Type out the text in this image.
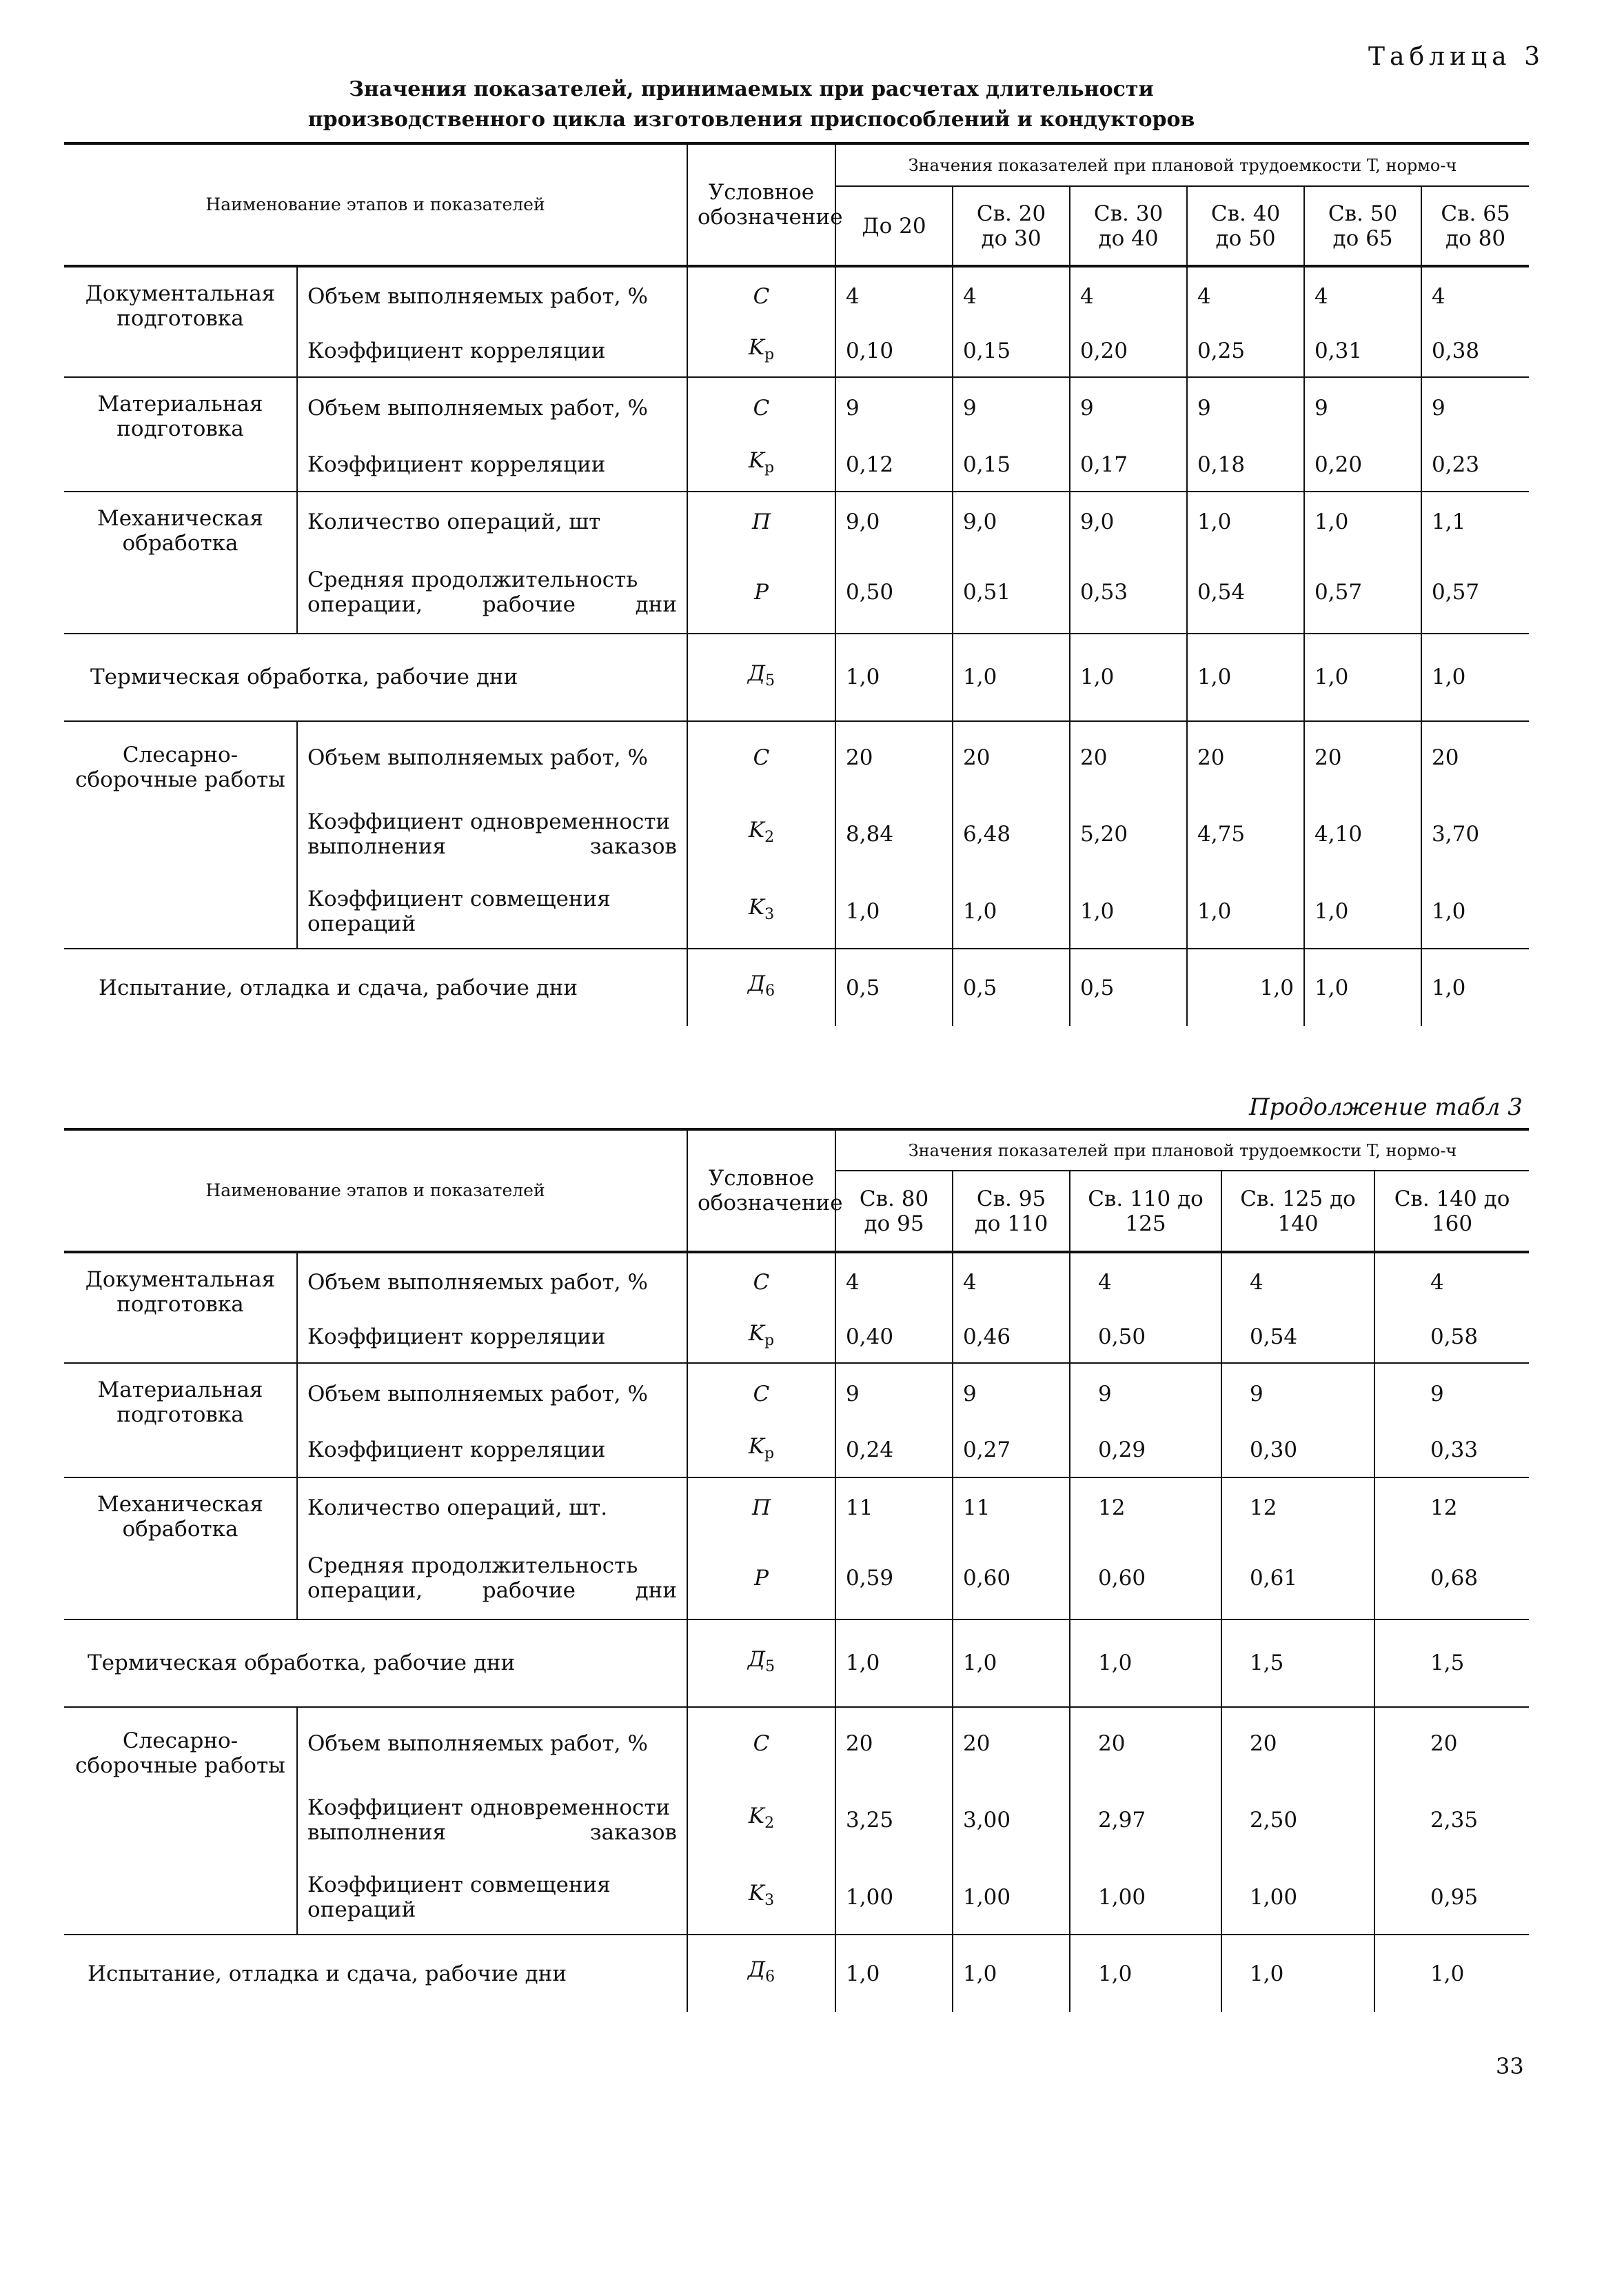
Таблица 3
Значения показателей, принимаемых при расчетах длительности
производственного цикла изготовления приспособлений и кондукторов
Наименование этапов и показателей		Условное обозначение	Значения показателей при плановой трудоемкости T, нормо-ч					
			До 20	Св. 20 до 30	Св. 30 до 40	Св. 40 до 50	Св. 50 до 65	Св. 65 до 80
Документальная подготовка	Объем выполняемых работ, %	C	4	4	4	4	4	4
	Коэффициент корреляции	$K_p$	0,10	0,15	0,20	0,25	0,31	0,38
Материальная подготовка	Объем выполняемых работ, %	C	9	9	9	9	9	9
	Коэффициент корреляции	$K_p$	0,12	0,15	0,17	0,18	0,20	0,23
Механическая обработка	Количество операций, шт	П	9,0	9,0	9,0	1,0	1,0	1,1
	Средняя продолжительность операции, рабочие дни	P	0,50	0,51	0,53	0,54	0,57	0,57
Термическая обработка, рабочие дни		$Д_5$	1,0	1,0	1,0	1,0	1,0	1,0
Слесарно-сборочные работы	Объем выполняемых работ, %	C	20	20	20	20	20	20
	Коэффициент одновременности выполнения заказов	$K_2$	8,84	6,48	5,20	4,75	4,10	3,70
	Коэффициент совмещения операций	$K_3$	1,0	1,0	1,0	1,0	1,0	1,0
Испытание, отладка и сдача, рабочие дни		$Д_6$	0,5	0,5	0,5	1,0	1,0	1,0
Продолжение табл 3
Наименование этапов и показателей		Условное обозначение	Значения показателей при плановой трудоемкости T, нормо-ч				
			Св. 80 до 95	Св. 95 до 110	Св. 110 до 125	Св. 125 до 140	Св. 140 до 160
Документальная подготовка	Объем выполняемых работ, %	C	4	4	4	4	4
	Коэффициент корреляции	$K_p$	0,40	0,46	0,50	0,54	0,58
Материальная подготовка	Объем выполняемых работ, %	C	9	9	9	9	9
	Коэффициент корреляции	$K_p$	0,24	0,27	0,29	0,30	0,33
Механическая обработка	Количество операций, шт.	П	11	11	12	12	12
	Средняя продолжительность операции, рабочие дни	P	0,59	0,60	0,60	0,61	0,68
Термическая обработка, рабочие дни		$Д_5$	1,0	1,0	1,0	1,5	1,5
Слесарно-сборочные работы	Объем выполняемых работ, %	C	20	20	20	20	20
	Коэффициент одновременности выполнения заказов	$K_2$	3,25	3,00	2,97	2,50	2,35
	Коэффициент совмещения операций	$K_3$	1,00	1,00	1,00	1,00	0,95
Испытание, отладка и сдача, рабочие дни		$Д_6$	1,0	1,0	1,0	1,0	1,0
33
